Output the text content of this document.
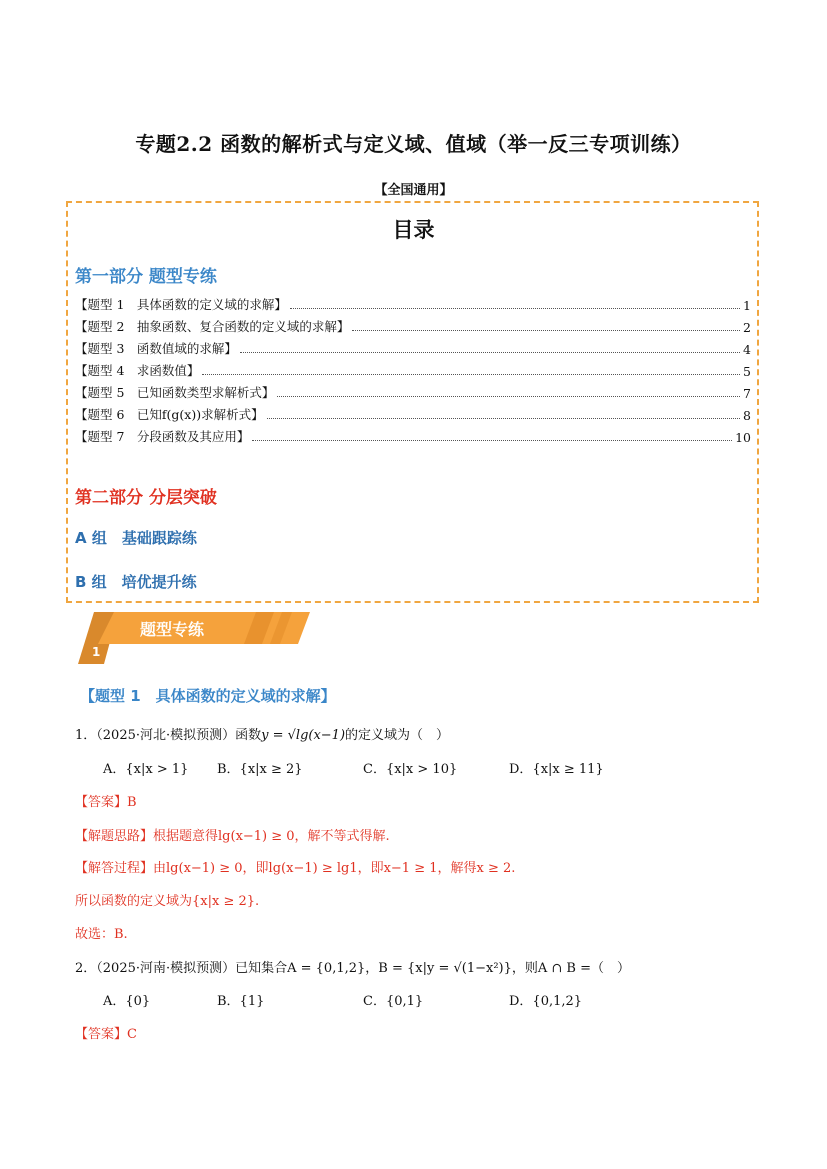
专题2.2 函数的解析式与定义域、值域（举一反三专项训练）
【全国通用】
目录
第一部分 题型专练
【题型 1　具体函数的定义域的求解】	1
【题型 2　抽象函数、复合函数的定义域的求解】	2
【题型 3　函数值域的求解】	4
【题型 4　求函数值】	5
【题型 5　已知函数类型求解析式】	7
【题型 6　已知f(g(x))求解析式】	8
【题型 7　分段函数及其应用】	10
第二部分 分层突破
A 组　基础跟踪练
B 组　培优提升练
1
题型专练
【题型 1　具体函数的定义域的求解】
1．（2025·河北·模拟预测）函数y = √lg(x−1)的定义域为（　）
A．{x|x > 1} B．{x|x ≥ 2}	C．{x|x > 10}	D．{x|x ≥ 11}
【答案】B
【解题思路】根据题意得lg(x−1) ≥ 0，解不等式得解.
【解答过程】由lg(x−1) ≥ 0，即lg(x−1) ≥ lg1，即x−1 ≥ 1，解得x ≥ 2.
所以函数的定义域为{x|x ≥ 2}.
故选：B.
2．（2025·河南·模拟预测）已知集合A = {0,1,2}，B = {x|y = √(1−x²)}，则A ∩ B =（　）
A．{0}	B．{1}	C．{0,1}	D．{0,1,2}
【答案】C
